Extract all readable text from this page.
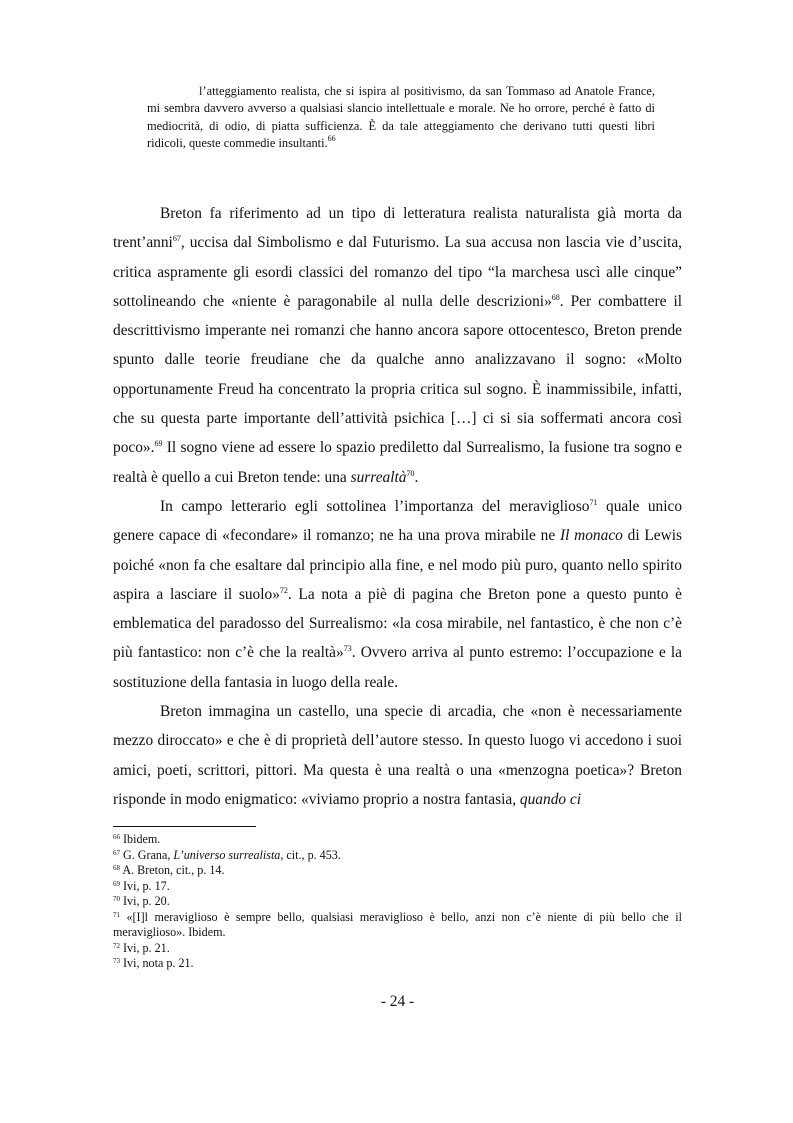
l’atteggiamento realista, che si ispira al positivismo, da san Tommaso ad Anatole France, mi sembra davvero avverso a qualsiasi slancio intellettuale e morale. Ne ho orrore, perché è fatto di mediocrità, di odio, di piatta sufficienza. È da tale atteggiamento che derivano tutti questi libri ridicoli, queste commedie insultanti.$^{66}$

Breton fa riferimento ad un tipo di letteratura realista naturalista già morta da trent’anni$^{67}$, uccisa dal Simbolismo e dal Futurismo. La sua accusa non lascia vie d’uscita, critica aspramente gli esordi classici del romanzo del tipo “la marchesa uscì alle cinque” sottolineando che «niente è paragonabile al nulla delle descrizioni»$^{68}$. Per combattere il descrittivismo imperante nei romanzi che hanno ancora sapore ottocentesco, Breton prende spunto dalle teorie freudiane che da qualche anno analizzavano il sogno: «Molto opportunamente Freud ha concentrato la propria critica sul sogno. È inammissibile, infatti, che su questa parte importante dell’attività psichica […] ci si sia soffermati ancora così poco».$^{69}$ Il sogno viene ad essere lo spazio prediletto dal Surrealismo, la fusione tra sogno e realtà è quello a cui Breton tende: una surrealtà$^{70}$.

In campo letterario egli sottolinea l’importanza del meraviglioso$^{71}$ quale unico genere capace di «fecondare» il romanzo; ne ha una prova mirabile ne Il monaco di Lewis poiché «non fa che esaltare dal principio alla fine, e nel modo più puro, quanto nello spirito aspira a lasciare il suolo»$^{72}$. La nota a piè di pagina che Breton pone a questo punto è emblematica del paradosso del Surrealismo: «la cosa mirabile, nel fantastico, è che non c’è più fantastico: non c’è che la realtà»$^{73}$. Ovvero arriva al punto estremo: l’occupazione e la sostituzione della fantasia in luogo della reale.

Breton immagina un castello, una specie di arcadia, che «non è necessariamente mezzo diroccato» e che è di proprietà dell’autore stesso. In questo luogo vi accedono i suoi amici, poeti, scrittori, pittori. Ma questa è una realtà o una «menzogna poetica»? Breton risponde in modo enigmatico: «viviamo proprio a nostra fantasia, quando ci

$^{66}$ Ibidem.
$^{67}$ G. Grana, L’universo surrealista, cit., p. 453.
$^{68}$ A. Breton, cit., p. 14.
$^{69}$ Ivi, p. 17.
$^{70}$ Ivi, p. 20.
$^{71}$ «[I]l meraviglioso è sempre bello, qualsiasi meraviglioso è bello, anzi non c’è niente di più bello che il meraviglioso». Ibidem.
$^{72}$ Ivi, p. 21.
$^{73}$ Ivi, nota p. 21.
- 24 -
